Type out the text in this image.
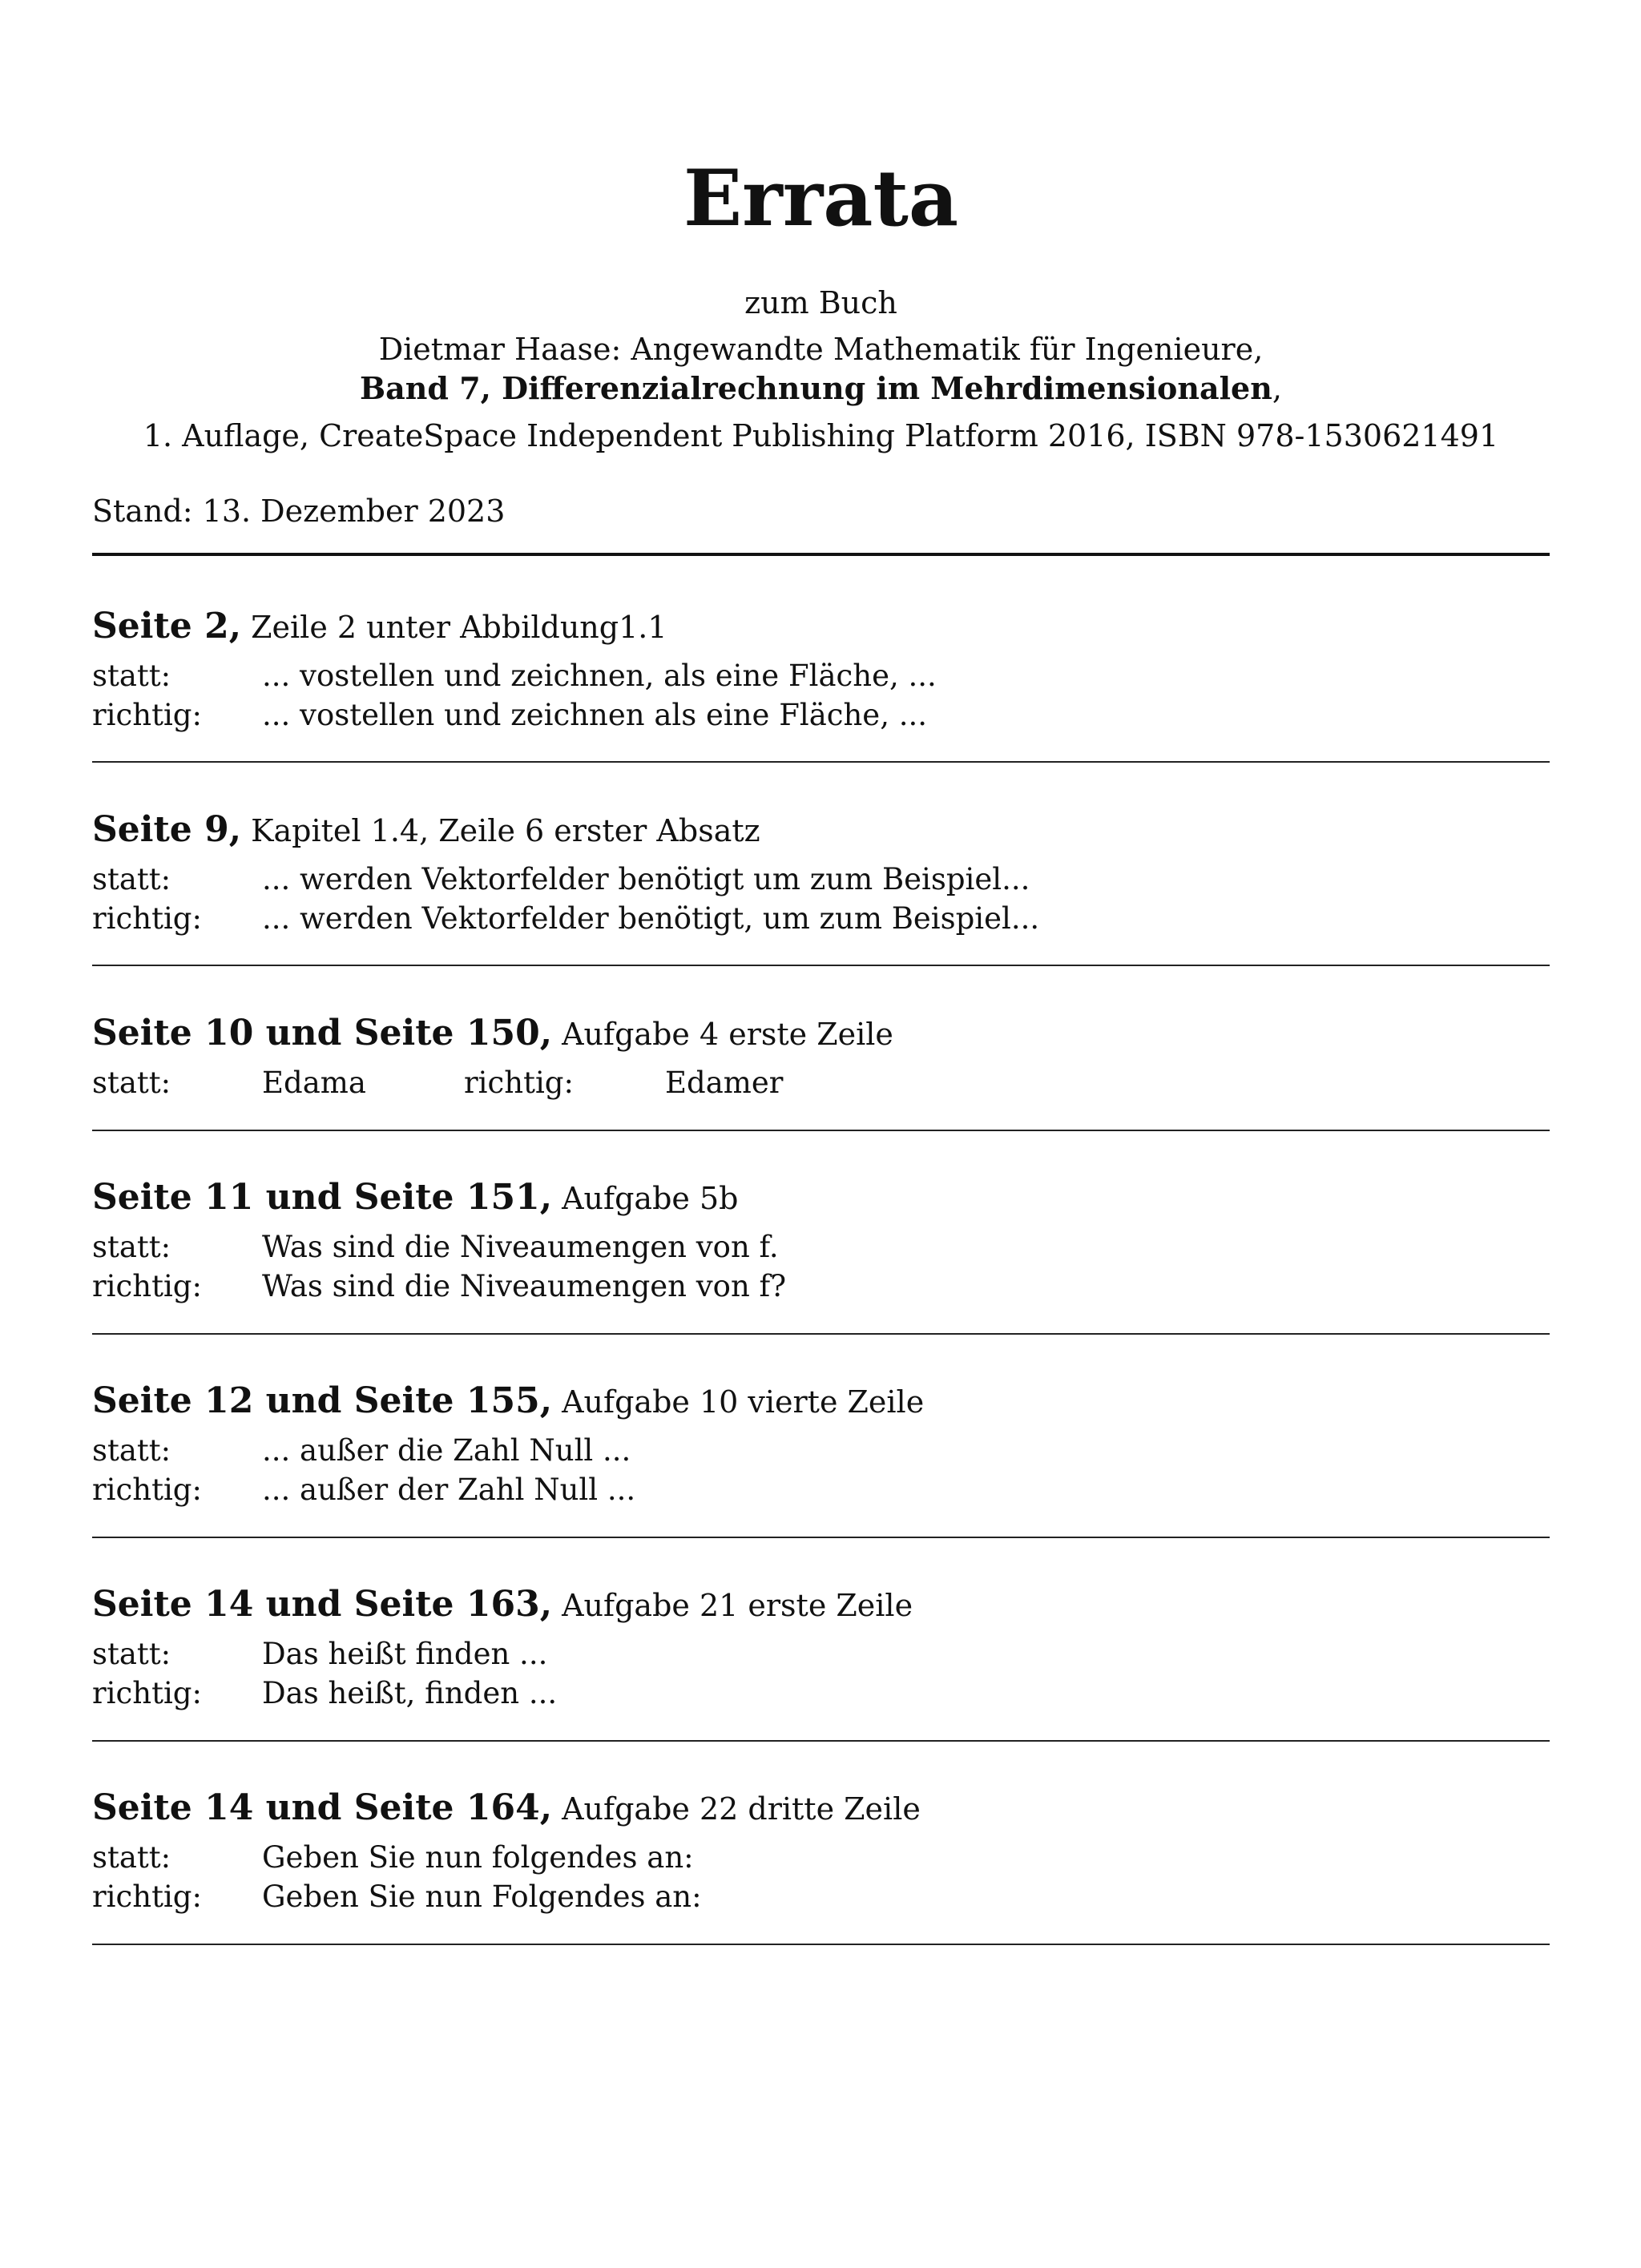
Errata
zum Buch
Dietmar Haase: Angewandte Mathematik für Ingenieure,
Band 7, Differenzialrechnung im Mehrdimensionalen,
1. Auflage, CreateSpace Independent Publishing Platform 2016, ISBN 978-1530621491
Stand: 13. Dezember 2023
Seite 2, Zeile 2 unter Abbildung1.1
statt:	... vostellen und zeichnen, als eine Fläche, ...
richtig: ... vostellen und zeichnen als eine Fläche, ...
Seite 9, Kapitel 1.4, Zeile 6 erster Absatz
statt:	... werden Vektorfelder benötigt um zum Beispiel...
richtig: ... werden Vektorfelder benötigt, um zum Beispiel...
Seite 10 und Seite 150, Aufgabe 4 erste Zeile
statt:	Edama	richtig:	Edamer
Seite 11 und Seite 151, Aufgabe 5b
statt:	Was sind die Niveaumengen von f.
richtig: Was sind die Niveaumengen von f?
Seite 12 und Seite 155, Aufgabe 10 vierte Zeile
statt:	... außer die Zahl Null ...
richtig: ... außer der Zahl Null ...
Seite 14 und Seite 163, Aufgabe 21 erste Zeile
statt:	Das heißt finden ...
richtig: Das heißt, finden ...
Seite 14 und Seite 164, Aufgabe 22 dritte Zeile
statt:	Geben Sie nun folgendes an:
richtig: Geben Sie nun Folgendes an:
